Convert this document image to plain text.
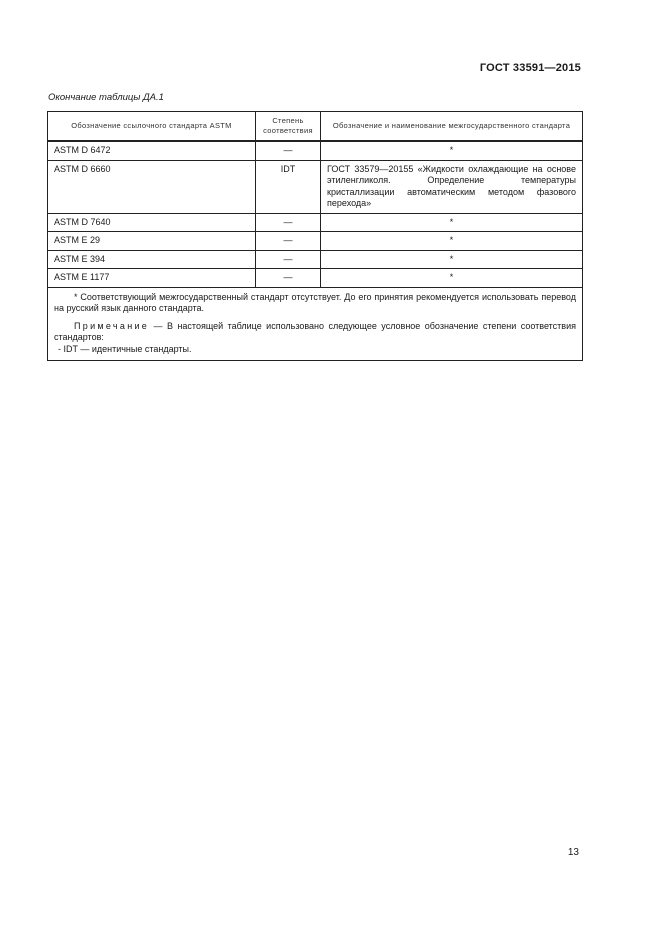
ГОСТ 33591—2015
Окончание таблицы ДА.1
Обозначение ссылочного стандарта ASTM	Степень соответствия	Обозначение и наименование межгосударственного стандарта
ASTM D 6472	—	*
ASTM D 6660	IDT	ГОСТ 33579—20155 «Жидкости охлаждающие на основе этиленгликоля. Определение температуры кристаллизации автоматическим методом фазового перехода»
ASTM D 7640	—	*
ASTM E 29	—	*
ASTM E 394	—	*
ASTM E 1177	—	*

* Соответствующий межгосударственный стандарт отсутствует. До его принятия рекомендуется использовать перевод на русский язык данного стандарта.

Примечание — В настоящей таблице использовано следующее условное обозначение степени соответствия стандартов:

- IDT — идентичные стандарты.		

13
